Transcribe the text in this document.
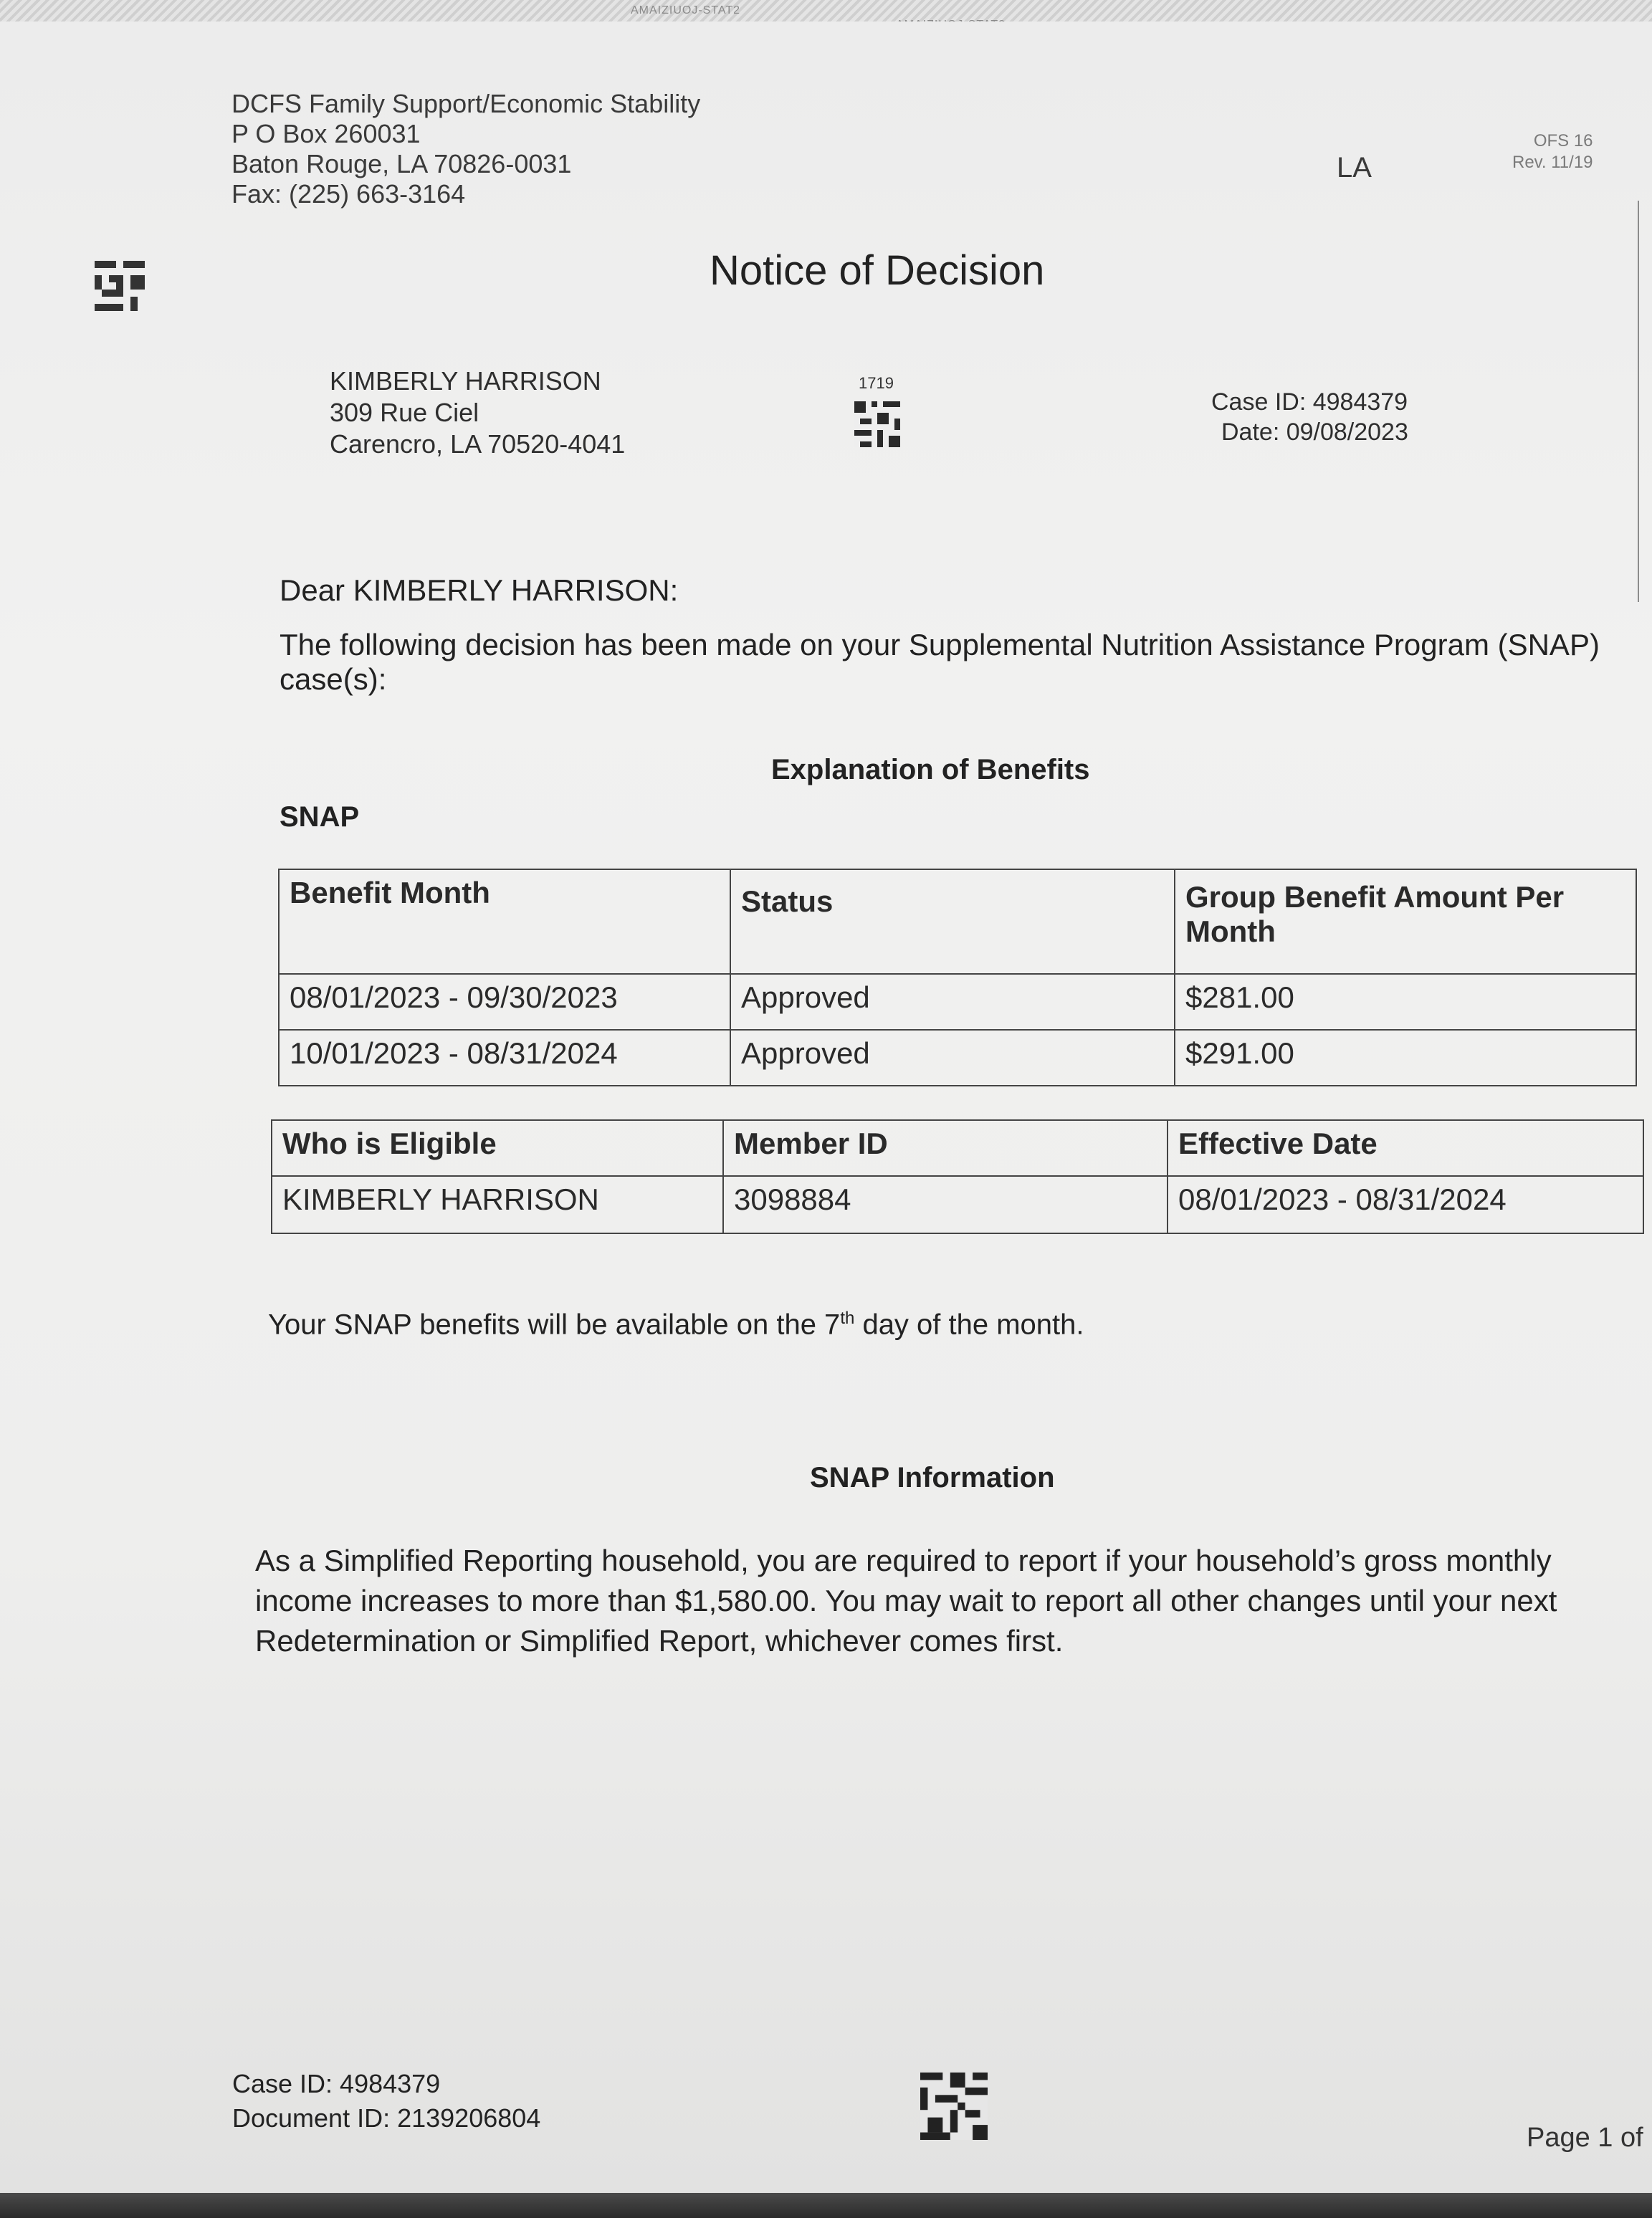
AMAIZIUOJ-STAT2
DCFS Family Support/Economic Stability
P O Box 260031
Baton Rouge, LA 70826-0031
Fax: (225) 663-3164
LA
OFS 16
Rev. 11/19
Notice of Decision
KIMBERLY HARRISON
309 Rue Ciel
Carencro, LA 70520-4041
1719
Case ID: 4984379
Date: 09/08/2023
Dear KIMBERLY HARRISON:
The following decision has been made on your Supplemental Nutrition Assistance Program (SNAP) case(s):
Explanation of Benefits
SNAP
Benefit Month	Status	Group Benefit Amount Per Month
08/01/2023 - 09/30/2023	Approved	$281.00
10/01/2023 - 08/31/2024	Approved	$291.00
Who is Eligible	Member ID	Effective Date
KIMBERLY HARRISON	3098884	08/01/2023 - 08/31/2024
Your SNAP benefits will be available on the 7th day of the month.
SNAP Information
As a Simplified Reporting household, you are required to report if your household’s gross monthly income increases to more than $1,580.00. You may wait to report all other changes until your next Redetermination or Simplified Report, whichever comes first.
Case ID: 4984379
Document ID: 2139206804
Page 1 of
